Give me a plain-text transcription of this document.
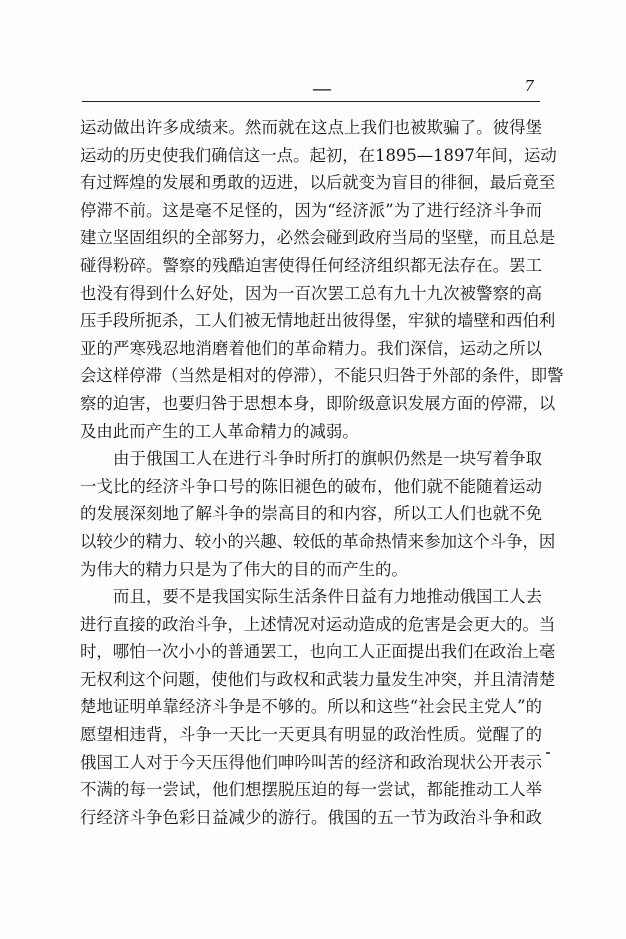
—	7
运动做出许多成绩来。然而就在这点上我们也被欺骗了。彼得堡
运动的历史使我们确信这一点。起初，在1895—1897年间，运动
有过辉煌的发展和勇敢的迈进，以后就变为盲目的徘徊，最后竟至
停滞不前。这是毫不足怪的，因为“经济派”为了进行经济斗争而
建立坚固组织的全部努力，必然会碰到政府当局的坚壁，而且总是
碰得粉碎。警察的残酷迫害使得任何经济组织都无法存在。罢工
也没有得到什么好处，因为一百次罢工总有九十九次被警察的高
压手段所扼杀，工人们被无情地赶出彼得堡，牢狱的墙壁和西伯利
亚的严寒残忍地消磨着他们的革命精力。我们深信，运动之所以
会这样停滞（当然是相对的停滞），不能只归咎于外部的条件，即警
察的迫害，也要归咎于思想本身，即阶级意识发展方面的停滞，以
及由此而产生的工人革命精力的减弱。
由于俄国工人在进行斗争时所打的旗帜仍然是一块写着争取
一戈比的经济斗争口号的陈旧褪色的破布，他们就不能随着运动
的发展深刻地了解斗争的崇高目的和内容，所以工人们也就不免
以较少的精力、较小的兴趣、较低的革命热情来参加这个斗争，因
为伟大的精力只是为了伟大的目的而产生的。
而且，要不是我国实际生活条件日益有力地推动俄国工人去
进行直接的政治斗争，上述情况对运动造成的危害是会更大的。当
时，哪怕一次小小的普通罢工，也向工人正面提出我们在政治上毫
无权利这个问题，使他们与政权和武装力量发生冲突，并且清清楚
楚地证明单靠经济斗争是不够的。所以和这些“社会民主党人”的
愿望相违背，斗争一天比一天更具有明显的政治性质。觉醒了的
俄国工人对于今天压得他们呻吟叫苦的经济和政治现状公开表示
不满的每一尝试，他们想摆脱压迫的每一尝试，都能推动工人举
行经济斗争色彩日益减少的游行。俄国的五一节为政治斗争和政
